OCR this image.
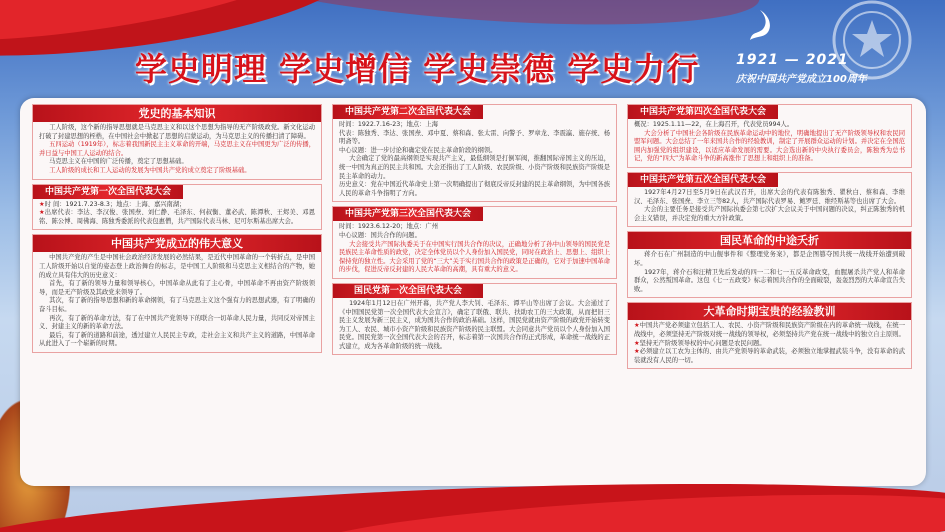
学史明理 学史增信 学史崇德 学史力行	1921 — 2021
庆祝中国共产党成立100周年
党史的基本知识

工人阶级，这个新的指导思想就是马克思主义和以这个思想为指导的无产阶级政党。新文化运动打破了封建思想的桎梏，在中国社会中掀起了思想的启蒙运动，为马克思主义的传播扫清了障碍。

五四运动（1919年），标志着我国新民主主义革命的开端，马克思主义在中国更为广泛的传播，并日益与中国工人运动的结合。

马克思主义在中国的广泛传播，奠定了思想基础。

工人阶级的成长和工人运动的发展为中国共产党的成立奠定了阶级基础。

中国共产党第一次全国代表大会

★时 间：1921.7.23-8.3；地点：上海、嘉兴南湖；

★出席代表：李达、李汉俊、张国焘、刘仁静、毛泽东、何叔衡、董必武、陈潭秋、王烬美、邓恩铭、陈公博、周佛海、陈独秀委派的代表包惠僧，共产国际代表马林、尼可尔斯基出席大会。

中国共产党成立的伟大意义

中国共产党的产生是中国社会政治经济发展的必然结果，是近代中国革命的一个转折点，是中国工人阶级开始以自觉的姿态登上政治舞台的标志，是中国工人阶级和马克思主义相结合的产物，她的成立具有伟大的历史意义：

首先，有了新的领导力量和领导核心，中国革命从此有了主心骨，中国革命不再由资产阶级领导，而是无产阶级及其政党来领导了。

其次，有了新的指导思想和新的革命纲领，有了马克思主义这个强有力的思想武器，有了明确的奋斗目标。

再次，有了新的革命方法，有了在中国共产党领导下的联合一切革命人民力量，共同反对帝国主义、封建主义的新的革命方法。

最后，有了新的道路和前途，透过建立人民民主专政，走社会主义和共产主义的道路，中国革命从此进入了一个崭新的时期。

中国共产党第二次全国代表大会

时间：1922.7.16-23；地点：上海

代表：陈独秀、李达、张国焘、邓中夏、蔡和森、张太雷、向警予、罗章龙、李震瀛、施存统、杨明斋等。

中心议题：进一步讨论和确定党在民主革命阶段的纲领。

大会确定了党的最高纲领是实现共产主义，最低纲领是打倒军阀，推翻国际帝国主义的压迫，统一中国为真正的民主共和国。大会还指出了工人阶级、农民阶级、小资产阶级和民族资产阶级是民主革命的动力。

历史意义：党在中国近代革命史上第一次明确提出了彻底反帝反封建的民主革命纲领，为中国各族人民的革命斗争指明了方向。

中国共产党第三次全国代表大会

时间：1923.6.12-20；地点：广州

中心议题：国共合作的问题。

大会接受共产国际执委关于在中国实行国共合作的决议，正确地分析了孙中山领导的国民党是民族民主革命性质的政党，决定全体党员以个人身份加入国民党，同时在政治上、思想上、组织上保持党的独立性。大会采用了党的“三大”关于实行国共合作的政策是正确的，它对于加速中国革命的步伐，促进反帝反封建的人民大革命的高潮，具有重大的意义。

国民党第一次全国代表大会

1924年1月12日在广州开幕，共产党人李大钊、毛泽东、谭平山等出席了会议。大会通过了《中国国民党第一次全国代表大会宣言》，确定了联俄、联共、扶助农工的三大政策，从而把旧三民主义发展为新三民主义，成为国共合作的政治基础。这样，国民党就由资产阶级的政党开始转变为工人、农民、城市小资产阶级和民族资产阶级的民主联盟。大会同意共产党员以个人身份加入国民党。国民党第一次全国代表大会的召开，标志着第一次国共合作的正式形成，革命统一战线的正式建立，成为各革命阶级的统一战线。

中国共产党第四次全国代表大会

概况：1925.1.11—22，在上海召开，代表党员994人。

大会分析了中国社会各阶级在民族革命运动中的地位，明确地提出了无产阶级领导权和农民同盟军问题。大会总结了一年来国共合作的经验教训，制定了开展群众运动的计划。并决定在全国范围内加强党的组织建设，以适应革命发展的需要。大会选出新的中央执行委员会，陈独秀为总书记，党的“四大”为革命斗争的新高涨作了思想上和组织上的准备。

中国共产党第五次全国代表大会

1927年4月27日至5月9日在武汉召开，出席大会的代表有陈独秀、瞿秋白、蔡和森、李维汉、毛泽东、张国焘、李立三等82人，共产国际代表罗易、鲍罗廷、维经斯基等也出席了大会。

大会的主要任务是接受共产国际执委会第七次扩大会议关于中国问题的决议，纠正陈独秀的机会主义错误，并决定党的重大方针政策。

国民革命的中途夭折

蒋介石在广州制造的中山舰事件和《整理党务案》，都是企图篡夺国共统一战线开始遭到破坏。

1927年，蒋介石和汪精卫先后发动的四一二和七一五反革命政变，血腥屠杀共产党人和革命群众，公然叛国革命。这包《七一五政变》标志着国共合作的全面破裂，轰轰烈烈的大革命宣告失败。

大革命时期宝贵的经验教训

★中国共产党必须建立包括工人、农民、小资产阶级和民族资产阶级在内的革命统一战线，在统一战线中，必须坚持无产阶级对统一战线的领导权，必须坚持共产党在统一战线中的独立自主原则。

★坚持无产阶级领导权的中心问题是农民问题。

★必须建立以工农为主体的、由共产党领导的革命武装，必须独立地掌握武装斗争，没有革命的武装就没有人民的一切。
